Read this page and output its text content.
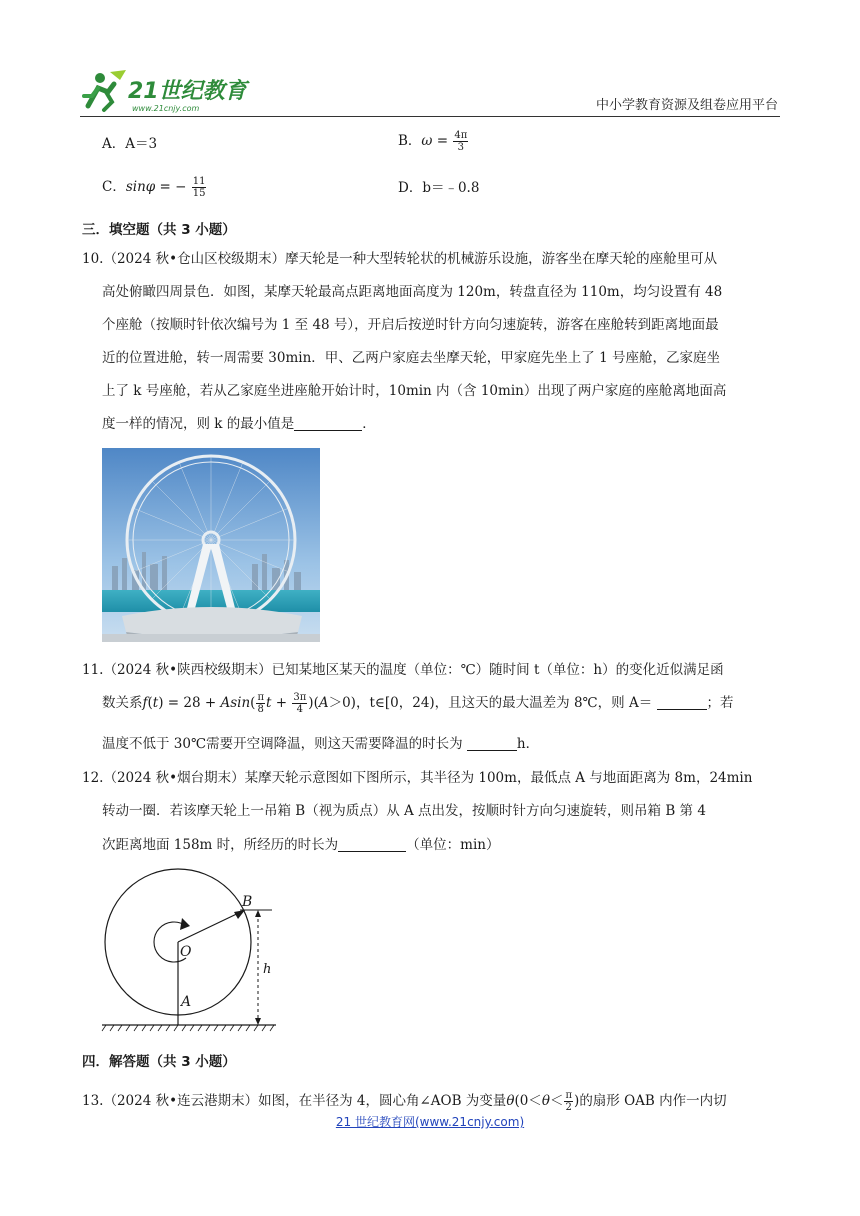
21世纪教育
www.21cnjy.com	中小学教育资源及组卷应用平台
A．A＝3	B．$\omega = \frac{4\pi}{3}$
C．sinφ = − $\frac{11}{15}$	D．b＝﹣0.8
三．填空题（共 3 小题）
10.（2024 秋•仓山区校级期末）摩天轮是一种大型转轮状的机械游乐设施，游客坐在摩天轮的座舱里可从
高处俯瞰四周景色．如图，某摩天轮最高点距离地面高度为 120m，转盘直径为 110m，均匀设置有 48
个座舱（按顺时针依次编号为 1 至 48 号），开启后按逆时针方向匀速旋转，游客在座舱转到距离地面最
近的位置进舱，转一周需要 30min．甲、乙两户家庭去坐摩天轮，甲家庭先坐上了 1 号座舱，乙家庭坐
上了 k 号座舱，若从乙家庭坐进座舱开始计时，10min 内（含 10min）出现了两户家庭的座舱离地面高
度一样的情况，则 k 的最小值是	．
11.（2024 秋•陕西校级期末）已知某地区某天的温度（单位：℃）随时间 t（单位：h）的变化近似满足函
数关系$f(t) = 28 + Asin( \frac{\pi}{8}$ $t + \frac{3\pi}{4} )(A>0)$，t∈[0，24)，且这天的最大温差为 8℃，则 A＝	；若
温度不低于 30℃需要开空调降温，则这天需要降温的时长为	h．
12.（2024 秋•烟台期末）某摩天轮示意图如下图所示，其半径为 100m，最低点 A 与地面距离为 8m，24min
转动一圈．若该摩天轮上一吊箱 B（视为质点）从 A 点出发，按顺时针方向匀速旋转，则吊箱 B 第 4
次距离地面 158m 时，所经历的时长为	（单位：min）
B
O
A
h
四．解答题（共 3 小题）
13.（2024 秋•连云港期末）如图，在半径为 4，圆心角∠AOB 为变量$\theta(0<\theta< \frac{\pi}{2}$ )的扇形 OAB 内作一内切
21 世纪教育网(www.21cnjy.com)
